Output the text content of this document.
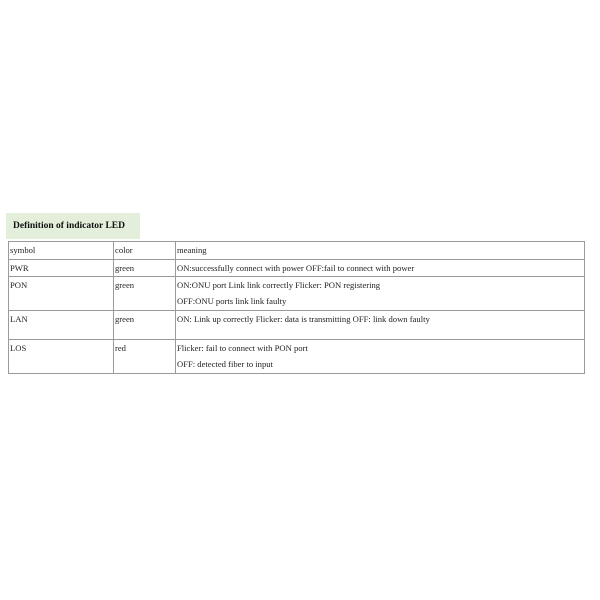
Definition of indicator LED
symbol	color	meaning
PWR	green	ON:successfully connect with power OFF:fail to connect with power

PON	green	ON:ONU port Link link correctly Flicker: PON registering
OFF:ONU ports link link faulty

LAN	green	ON: Link up correctly Flicker: data is transmitting OFF: link down faulty

LOS	red	Flicker: fail to connect with PON port
OFF: detected fiber to input
